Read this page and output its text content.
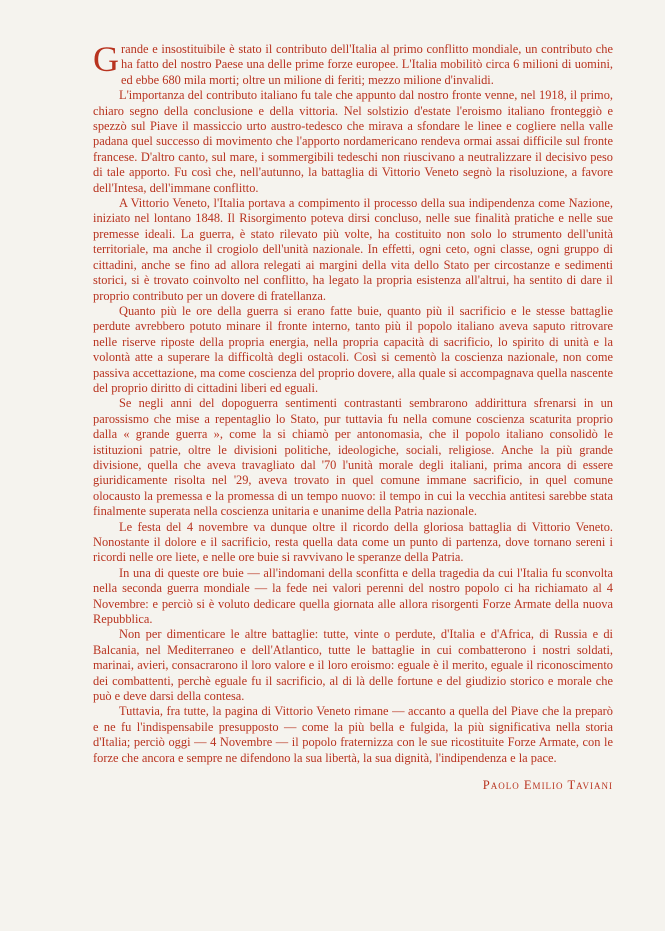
Grande e insostituibile è stato il contributo dell'Italia al primo conflitto mondiale, un contributo che ha fatto del nostro Paese una delle prime forze europee. L'Italia mobilitò circa 6 milioni di uomini, ed ebbe 680 mila morti; oltre un milione di feriti; mezzo milione d'invalidi.

L'importanza del contributo italiano fu tale che appunto dal nostro fronte venne, nel 1918, il primo, chiaro segno della conclusione e della vittoria. Nel solstizio d'estate l'eroismo italiano fronteggiò e spezzò sul Piave il massiccio urto austro-tedesco che mirava a sfondare le linee e cogliere nella valle padana quel successo di movimento che l'apporto nordamericano rendeva ormai assai difficile sul fronte francese. D'altro canto, sul mare, i sommergibili tedeschi non riuscivano a neutralizzare il decisivo peso di tale apporto. Fu così che, nell'autunno, la battaglia di Vittorio Veneto segnò la risoluzione, a favore dell'Intesa, dell'immane conflitto.

A Vittorio Veneto, l'Italia portava a compimento il processo della sua indipendenza come Nazione, iniziato nel lontano 1848. Il Risorgimento poteva dirsi concluso, nelle sue finalità pratiche e nelle sue premesse ideali. La guerra, è stato rilevato più volte, ha costituito non solo lo strumento dell'unità territoriale, ma anche il crogiolo dell'unità nazionale. In effetti, ogni ceto, ogni classe, ogni gruppo di cittadini, anche se fino ad allora relegati ai margini della vita dello Stato per circostanze e sedimenti storici, si è trovato coinvolto nel conflitto, ha legato la propria esistenza all'altrui, ha sentito di dare il proprio contributo per un dovere di fratellanza.

Quanto più le ore della guerra si erano fatte buie, quanto più il sacrificio e le stesse battaglie perdute avrebbero potuto minare il fronte interno, tanto più il popolo italiano aveva saputo ritrovare nelle riserve riposte della propria energia, nella propria capacità di sacrificio, lo spirito di unità e la volontà atte a superare la difficoltà degli ostacoli. Così si cementò la coscienza nazionale, non come passiva accettazione, ma come coscienza del proprio dovere, alla quale si accompagnava quella nascente del proprio diritto di cittadini liberi ed eguali.

Se negli anni del dopoguerra sentimenti contrastanti sembrarono addirittura sfrenarsi in un parossismo che mise a repentaglio lo Stato, pur tuttavia fu nella comune coscienza scaturita proprio dalla « grande guerra », come la si chiamò per antonomasia, che il popolo italiano consolidò le istituzioni patrie, oltre le divisioni politiche, ideologiche, sociali, religiose. Anche la più grande divisione, quella che aveva travagliato dal '70 l'unità morale degli italiani, prima ancora di essere giuridicamente risolta nel '29, aveva trovato in quel comune immane sacrificio, in quel comune olocausto la premessa e la promessa di un tempo nuovo: il tempo in cui la vecchia antitesi sarebbe stata finalmente superata nella coscienza unitaria e unanime della Patria nazionale.

Le festa del 4 novembre va dunque oltre il ricordo della gloriosa battaglia di Vittorio Veneto. Nonostante il dolore e il sacrificio, resta quella data come un punto di partenza, dove tornano sereni i ricordi nelle ore liete, e nelle ore buie si ravvivano le speranze della Patria.

In una di queste ore buie — all'indomani della sconfitta e della tragedia da cui l'Italia fu sconvolta nella seconda guerra mondiale — la fede nei valori perenni del nostro popolo ci ha richiamato al 4 Novembre: e perciò si è voluto dedicare quella giornata alle allora risorgenti Forze Armate della nuova Repubblica.

Non per dimenticare le altre battaglie: tutte, vinte o perdute, d'Italia e d'Africa, di Russia e di Balcania, nel Mediterraneo e dell'Atlantico, tutte le battaglie in cui combatterono i nostri soldati, marinai, avieri, consacrarono il loro valore e il loro eroismo: eguale è il merito, eguale il riconoscimento dei combattenti, perchè eguale fu il sacrificio, al di là delle fortune e del giudizio storico e morale che può e deve darsi della contesa.

Tuttavia, fra tutte, la pagina di Vittorio Veneto rimane — accanto a quella del Piave che la preparò e ne fu l'indispensabile presupposto — come la più bella e fulgida, la più significativa nella storia d'Italia; perciò oggi — 4 Novembre — il popolo fraternizza con le sue ricostituite Forze Armate, con le forze che ancora e sempre ne difendono la sua libertà, la sua dignità, l'indipendenza e la pace.

Paolo Emilio Taviani
